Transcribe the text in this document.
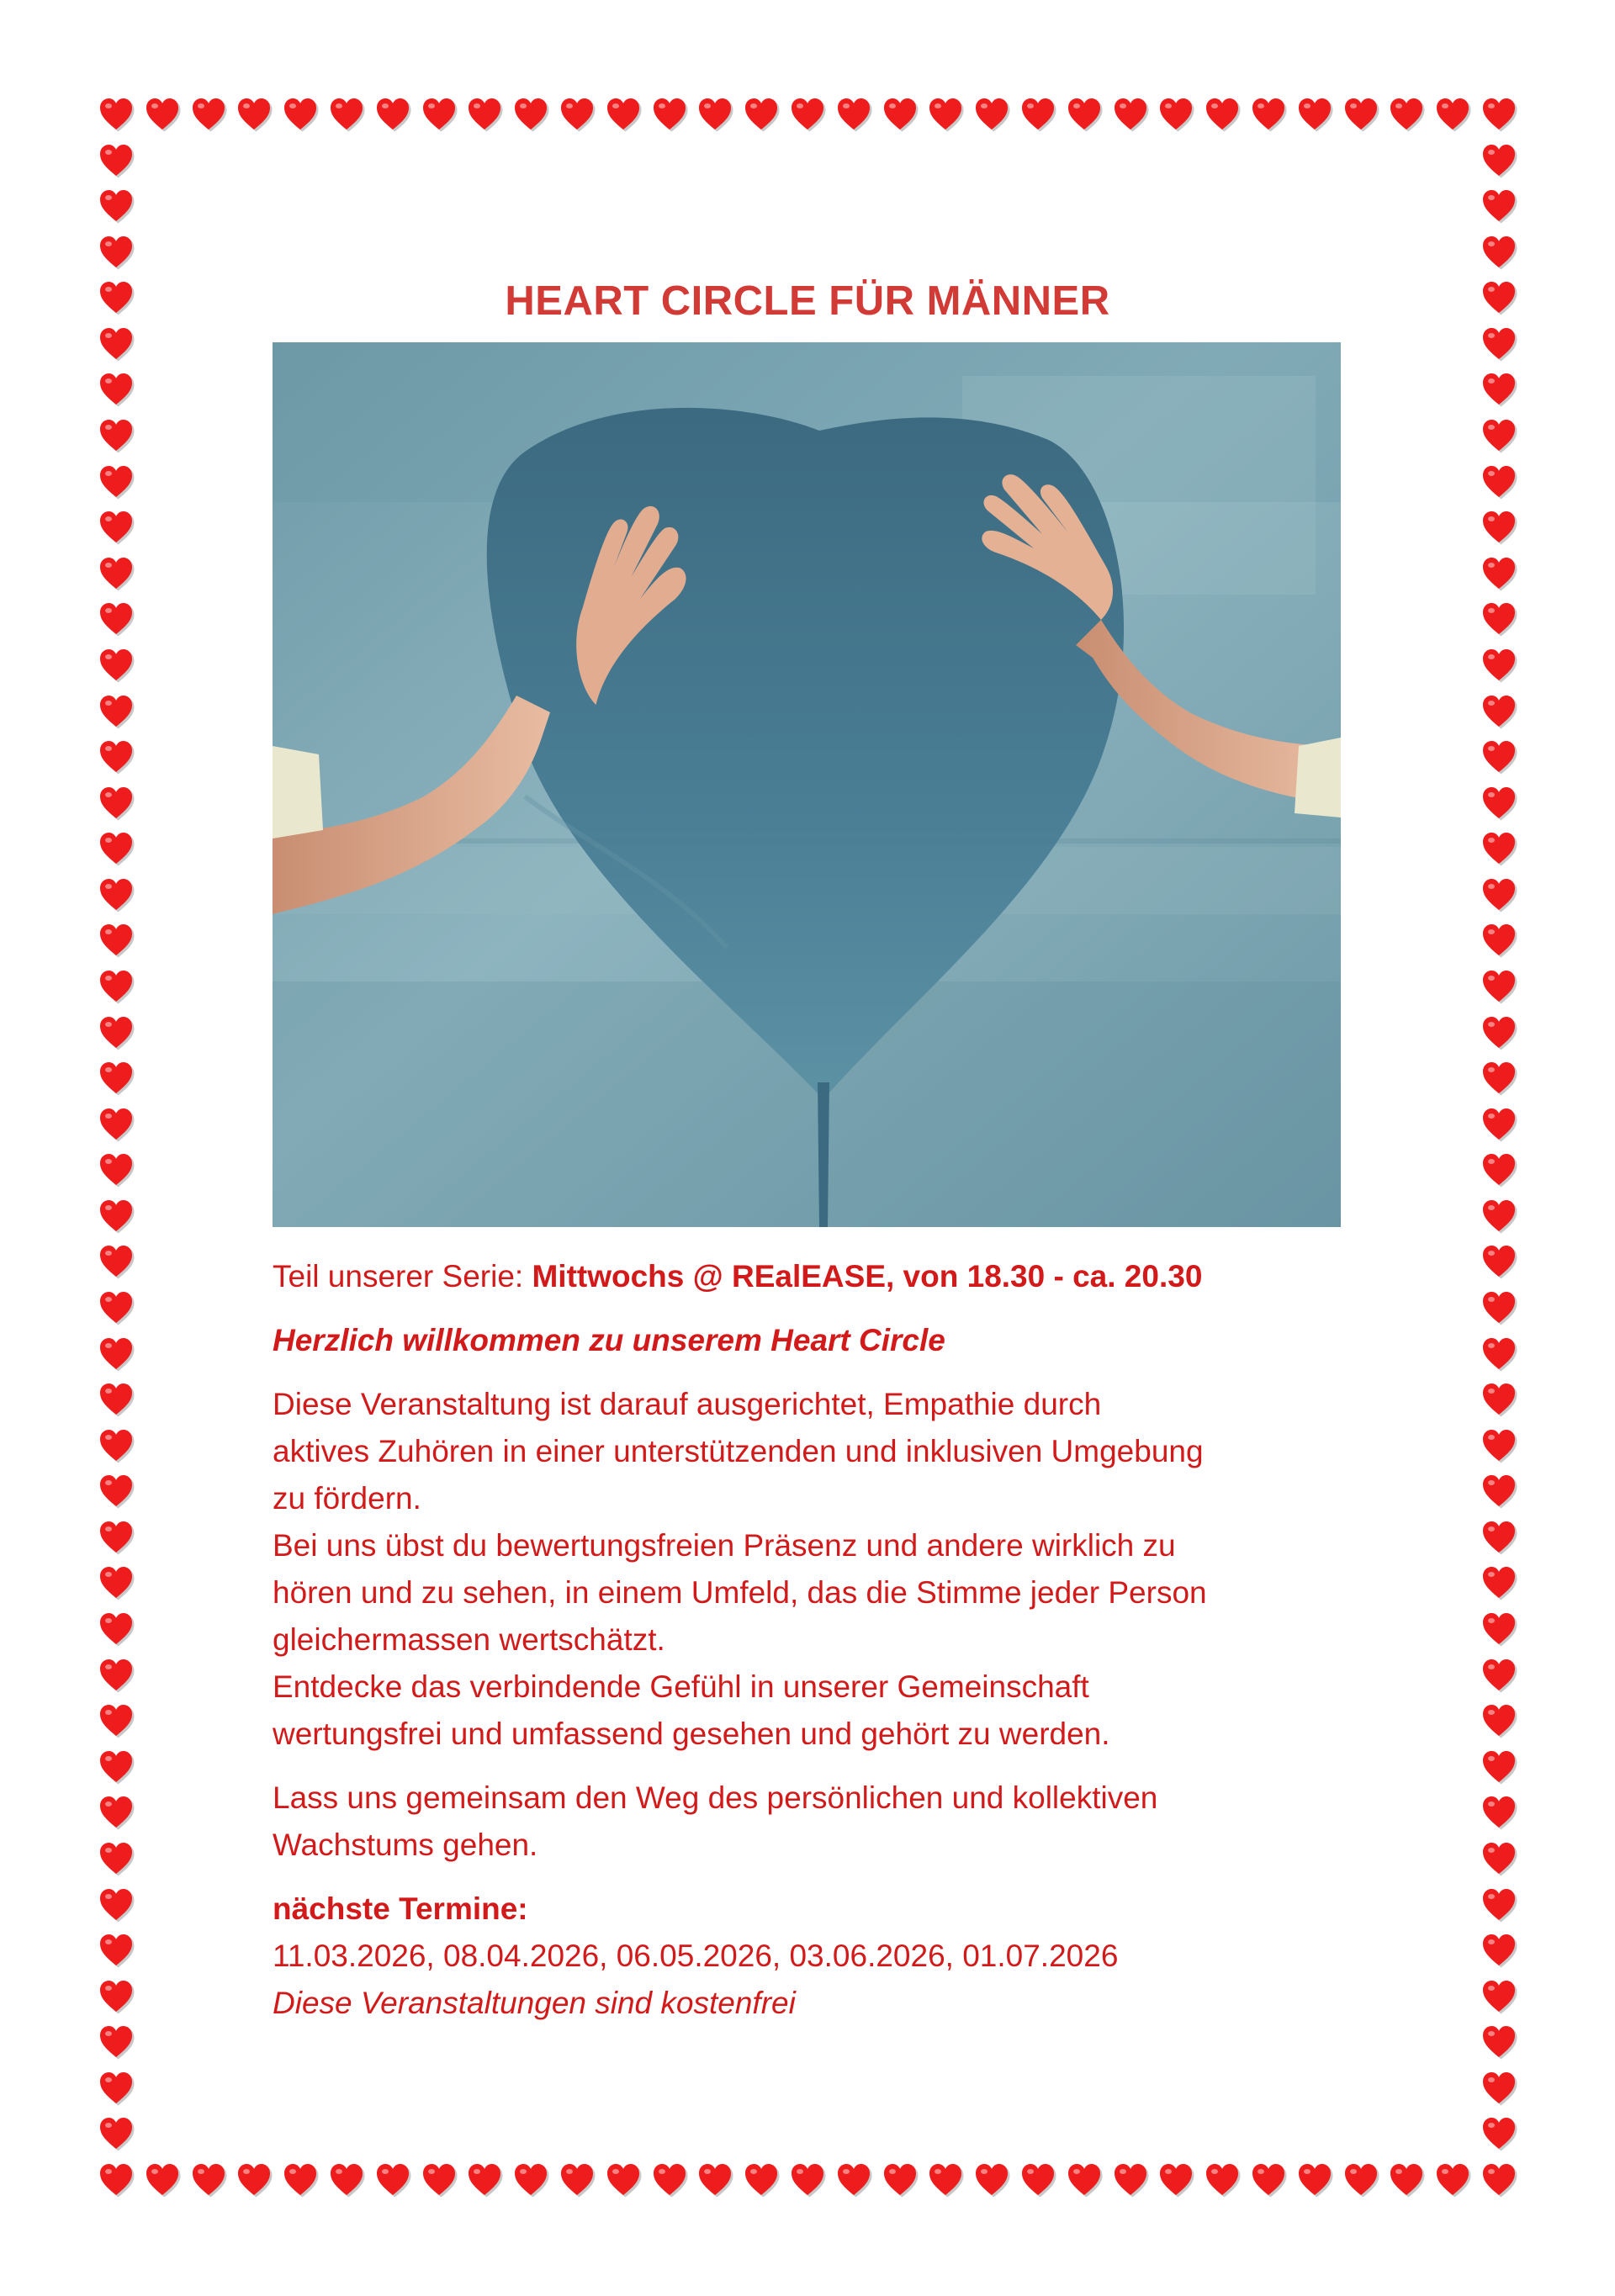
HEART CIRCLE FÜR MÄNNER

Teil unserer Serie: Mittwochs @ REalEASE, von 18.30 - ca. 20.30

Herzlich willkommen zu unserem Heart Circle

Diese Veranstaltung ist darauf ausgerichtet, Empathie durch

aktives Zuhören in einer unterstützenden und inklusiven Umgebung

zu fördern.

Bei uns übst du bewertungsfreien Präsenz und andere wirklich zu

hören und zu sehen, in einem Umfeld, das die Stimme jeder Person

gleichermassen wertschätzt.

Entdecke das verbindende Gefühl in unserer Gemeinschaft

wertungsfrei und umfassend gesehen und gehört zu werden.

Lass uns gemeinsam den Weg des persönlichen und kollektiven

Wachstums gehen.

nächste Termine:

11.03.2026, 08.04.2026, 06.05.2026, 03.06.2026, 01.07.2026

Diese Veranstaltungen sind kostenfrei
